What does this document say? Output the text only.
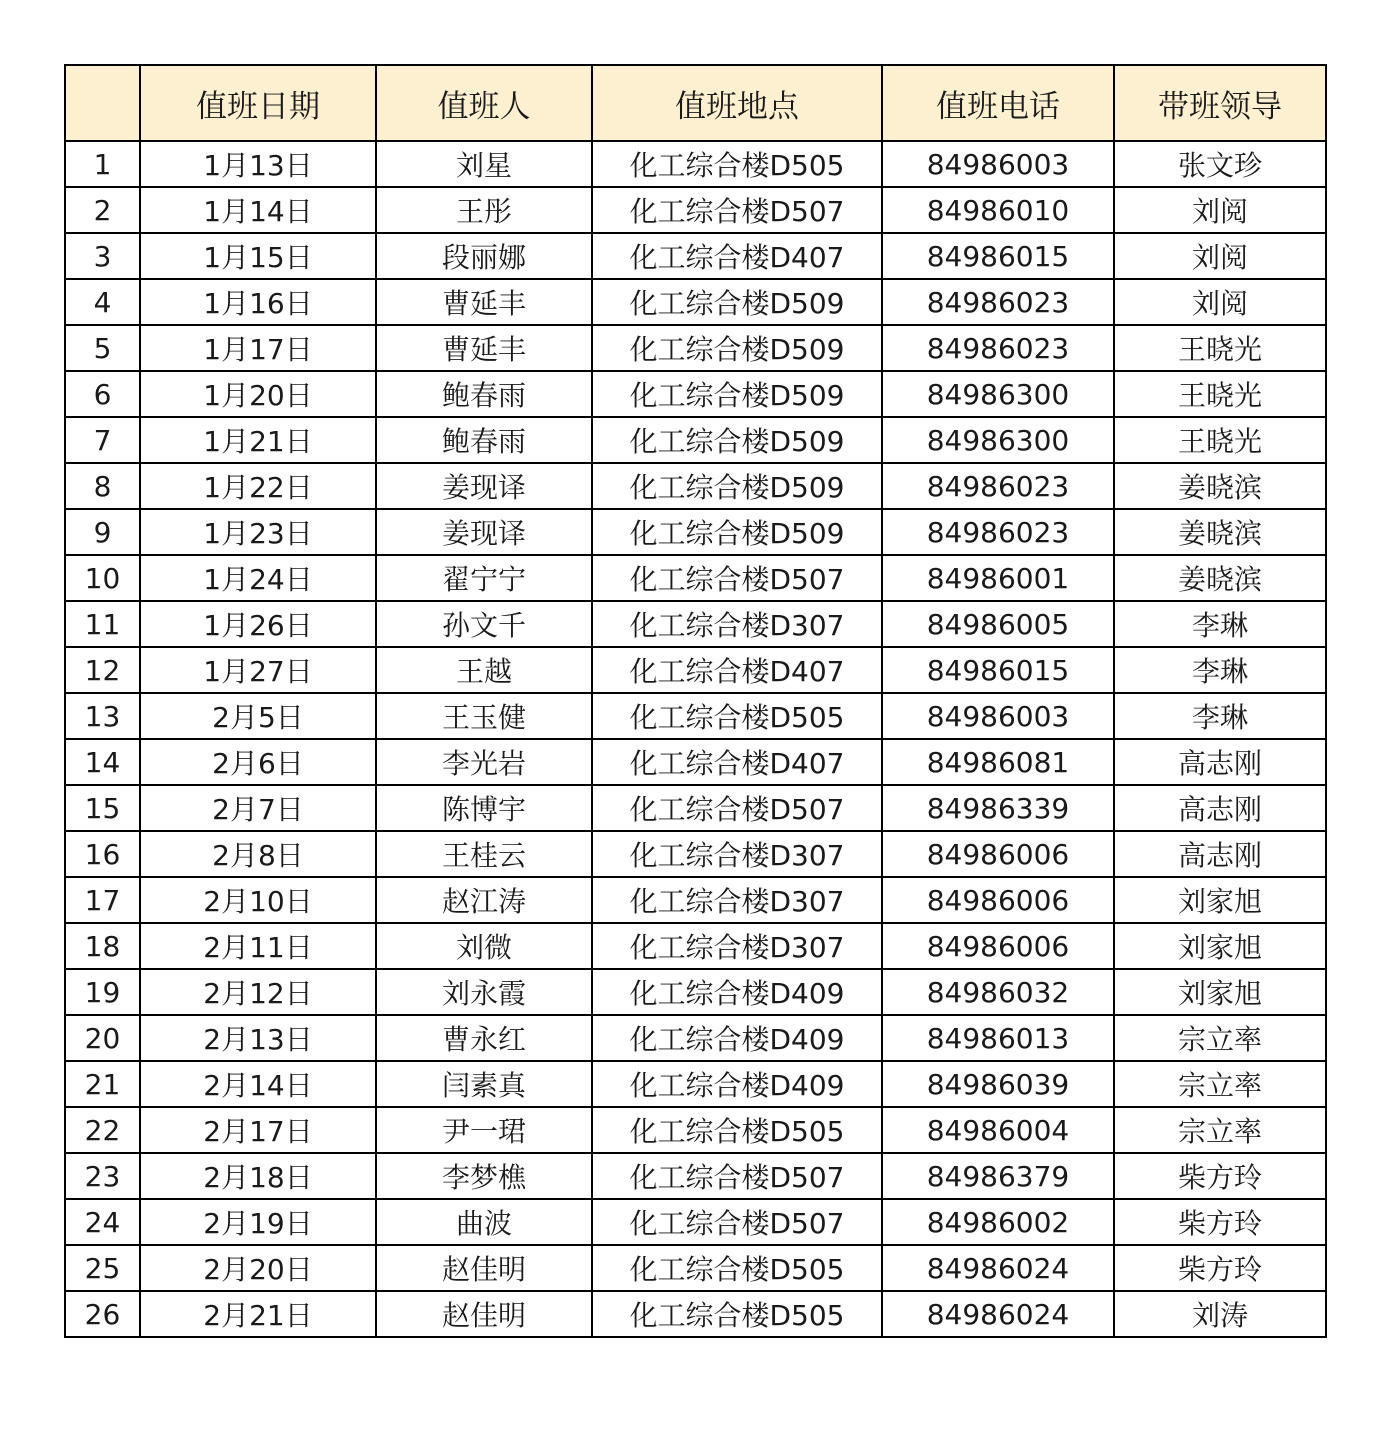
	值班日期	值班人	值班地点	值班电话	带班领导
1	1月13日	刘星	化工综合楼D505	84986003	张文珍
2	1月14日	王彤	化工综合楼D507	84986010	刘阅
3	1月15日	段丽娜	化工综合楼D407	84986015	刘阅
4	1月16日	曹延丰	化工综合楼D509	84986023	刘阅
5	1月17日	曹延丰	化工综合楼D509	84986023	王晓光
6	1月20日	鲍春雨	化工综合楼D509	84986300	王晓光
7	1月21日	鲍春雨	化工综合楼D509	84986300	王晓光
8	1月22日	姜现译	化工综合楼D509	84986023	姜晓滨
9	1月23日	姜现译	化工综合楼D509	84986023	姜晓滨
10	1月24日	翟宁宁	化工综合楼D507	84986001	姜晓滨
11	1月26日	孙文千	化工综合楼D307	84986005	李琳
12	1月27日	王越	化工综合楼D407	84986015	李琳
13	2月5日	王玉健	化工综合楼D505	84986003	李琳
14	2月6日	李光岩	化工综合楼D407	84986081	高志刚
15	2月7日	陈博宇	化工综合楼D507	84986339	高志刚
16	2月8日	王桂云	化工综合楼D307	84986006	高志刚
17	2月10日	赵江涛	化工综合楼D307	84986006	刘家旭
18	2月11日	刘微	化工综合楼D307	84986006	刘家旭
19	2月12日	刘永霞	化工综合楼D409	84986032	刘家旭
20	2月13日	曹永红	化工综合楼D409	84986013	宗立率
21	2月14日	闫素真	化工综合楼D409	84986039	宗立率
22	2月17日	尹一珺	化工综合楼D505	84986004	宗立率
23	2月18日	李梦樵	化工综合楼D507	84986379	柴方玲
24	2月19日	曲波	化工综合楼D507	84986002	柴方玲
25	2月20日	赵佳明	化工综合楼D505	84986024	柴方玲
26	2月21日	赵佳明	化工综合楼D505	84986024	刘涛
